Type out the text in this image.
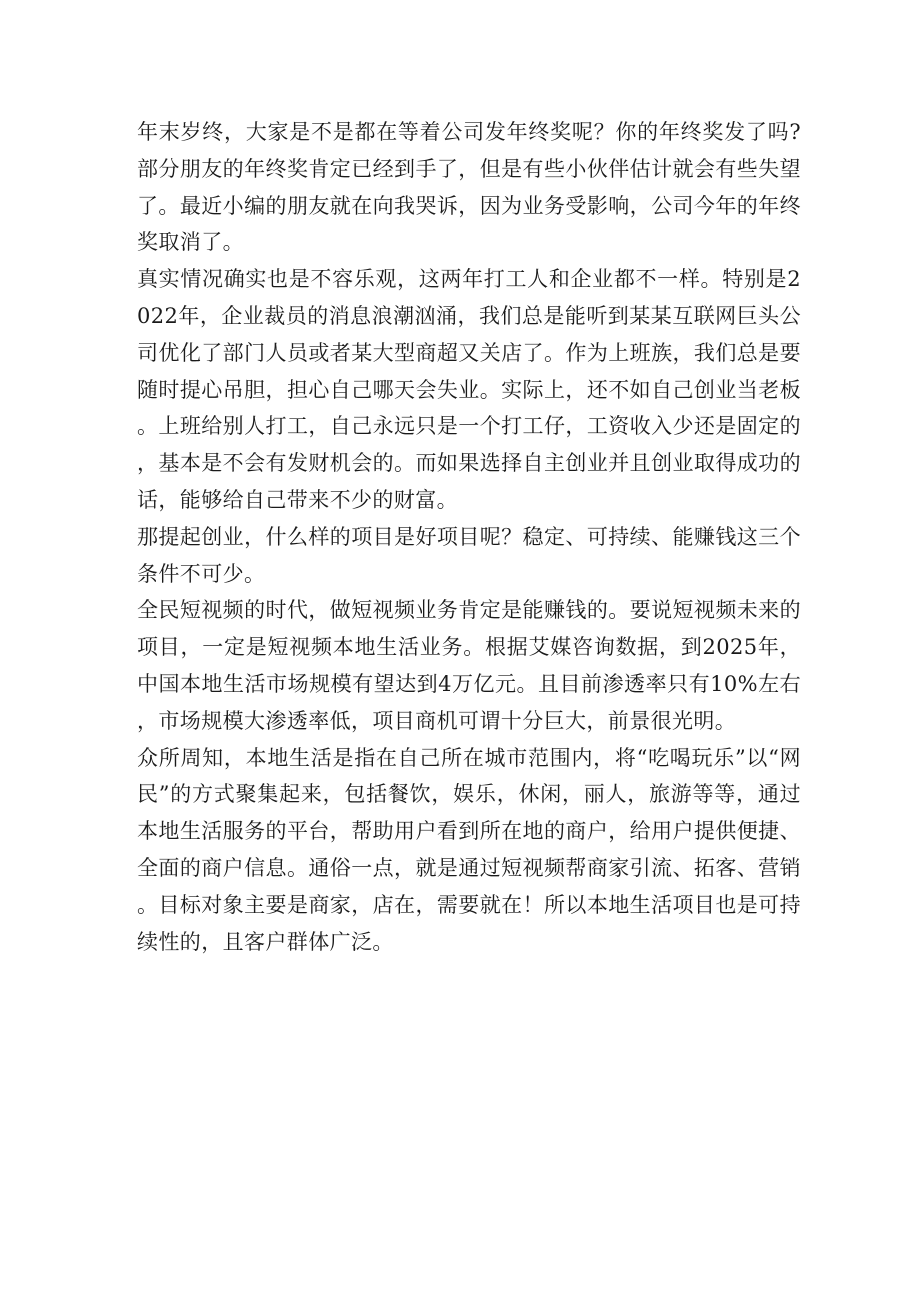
年末岁终，大家是不是都在等着公司发年终奖呢？你的年终奖发了吗?部分朋友的年终奖肯定已经到手了，但是有些小伙伴估计就会有些失望了。最近小编的朋友就在向我哭诉，因为业务受影响，公司今年的年终奖取消了。

真实情况确实也是不容乐观，这两年打工人和企业都不一样。特别是2022年，企业裁员的消息浪潮汹涌，我们总是能听到某某互联网巨头公司优化了部门人员或者某大型商超又关店了。作为上班族，我们总是要随时提心吊胆，担心自己哪天会失业。实际上，还不如自己创业当老板。上班给别人打工，自己永远只是一个打工仔，工资收入少还是固定的，基本是不会有发财机会的。而如果选择自主创业并且创业取得成功的话，能够给自己带来不少的财富。

那提起创业，什么样的项目是好项目呢？稳定、可持续、能赚钱这三个条件不可少。

全民短视频的时代，做短视频业务肯定是能赚钱的。要说短视频未来的项目，一定是短视频本地生活业务。根据艾媒咨询数据，到2025年，中国本地生活市场规模有望达到4万亿元。且目前渗透率只有10%左右，市场规模大渗透率低，项目商机可谓十分巨大，前景很光明。

众所周知，本地生活是指在自己所在城市范围内，将“吃喝玩乐”以“网民”的方式聚集起来，包括餐饮，娱乐，休闲，丽人，旅游等等，通过本地生活服务的平台，帮助用户看到所在地的商户，给用户提供便捷、全面的商户信息。通俗一点，就是通过短视频帮商家引流、拓客、营销。目标对象主要是商家，店在，需要就在！所以本地生活项目也是可持续性的，且客户群体广泛。
